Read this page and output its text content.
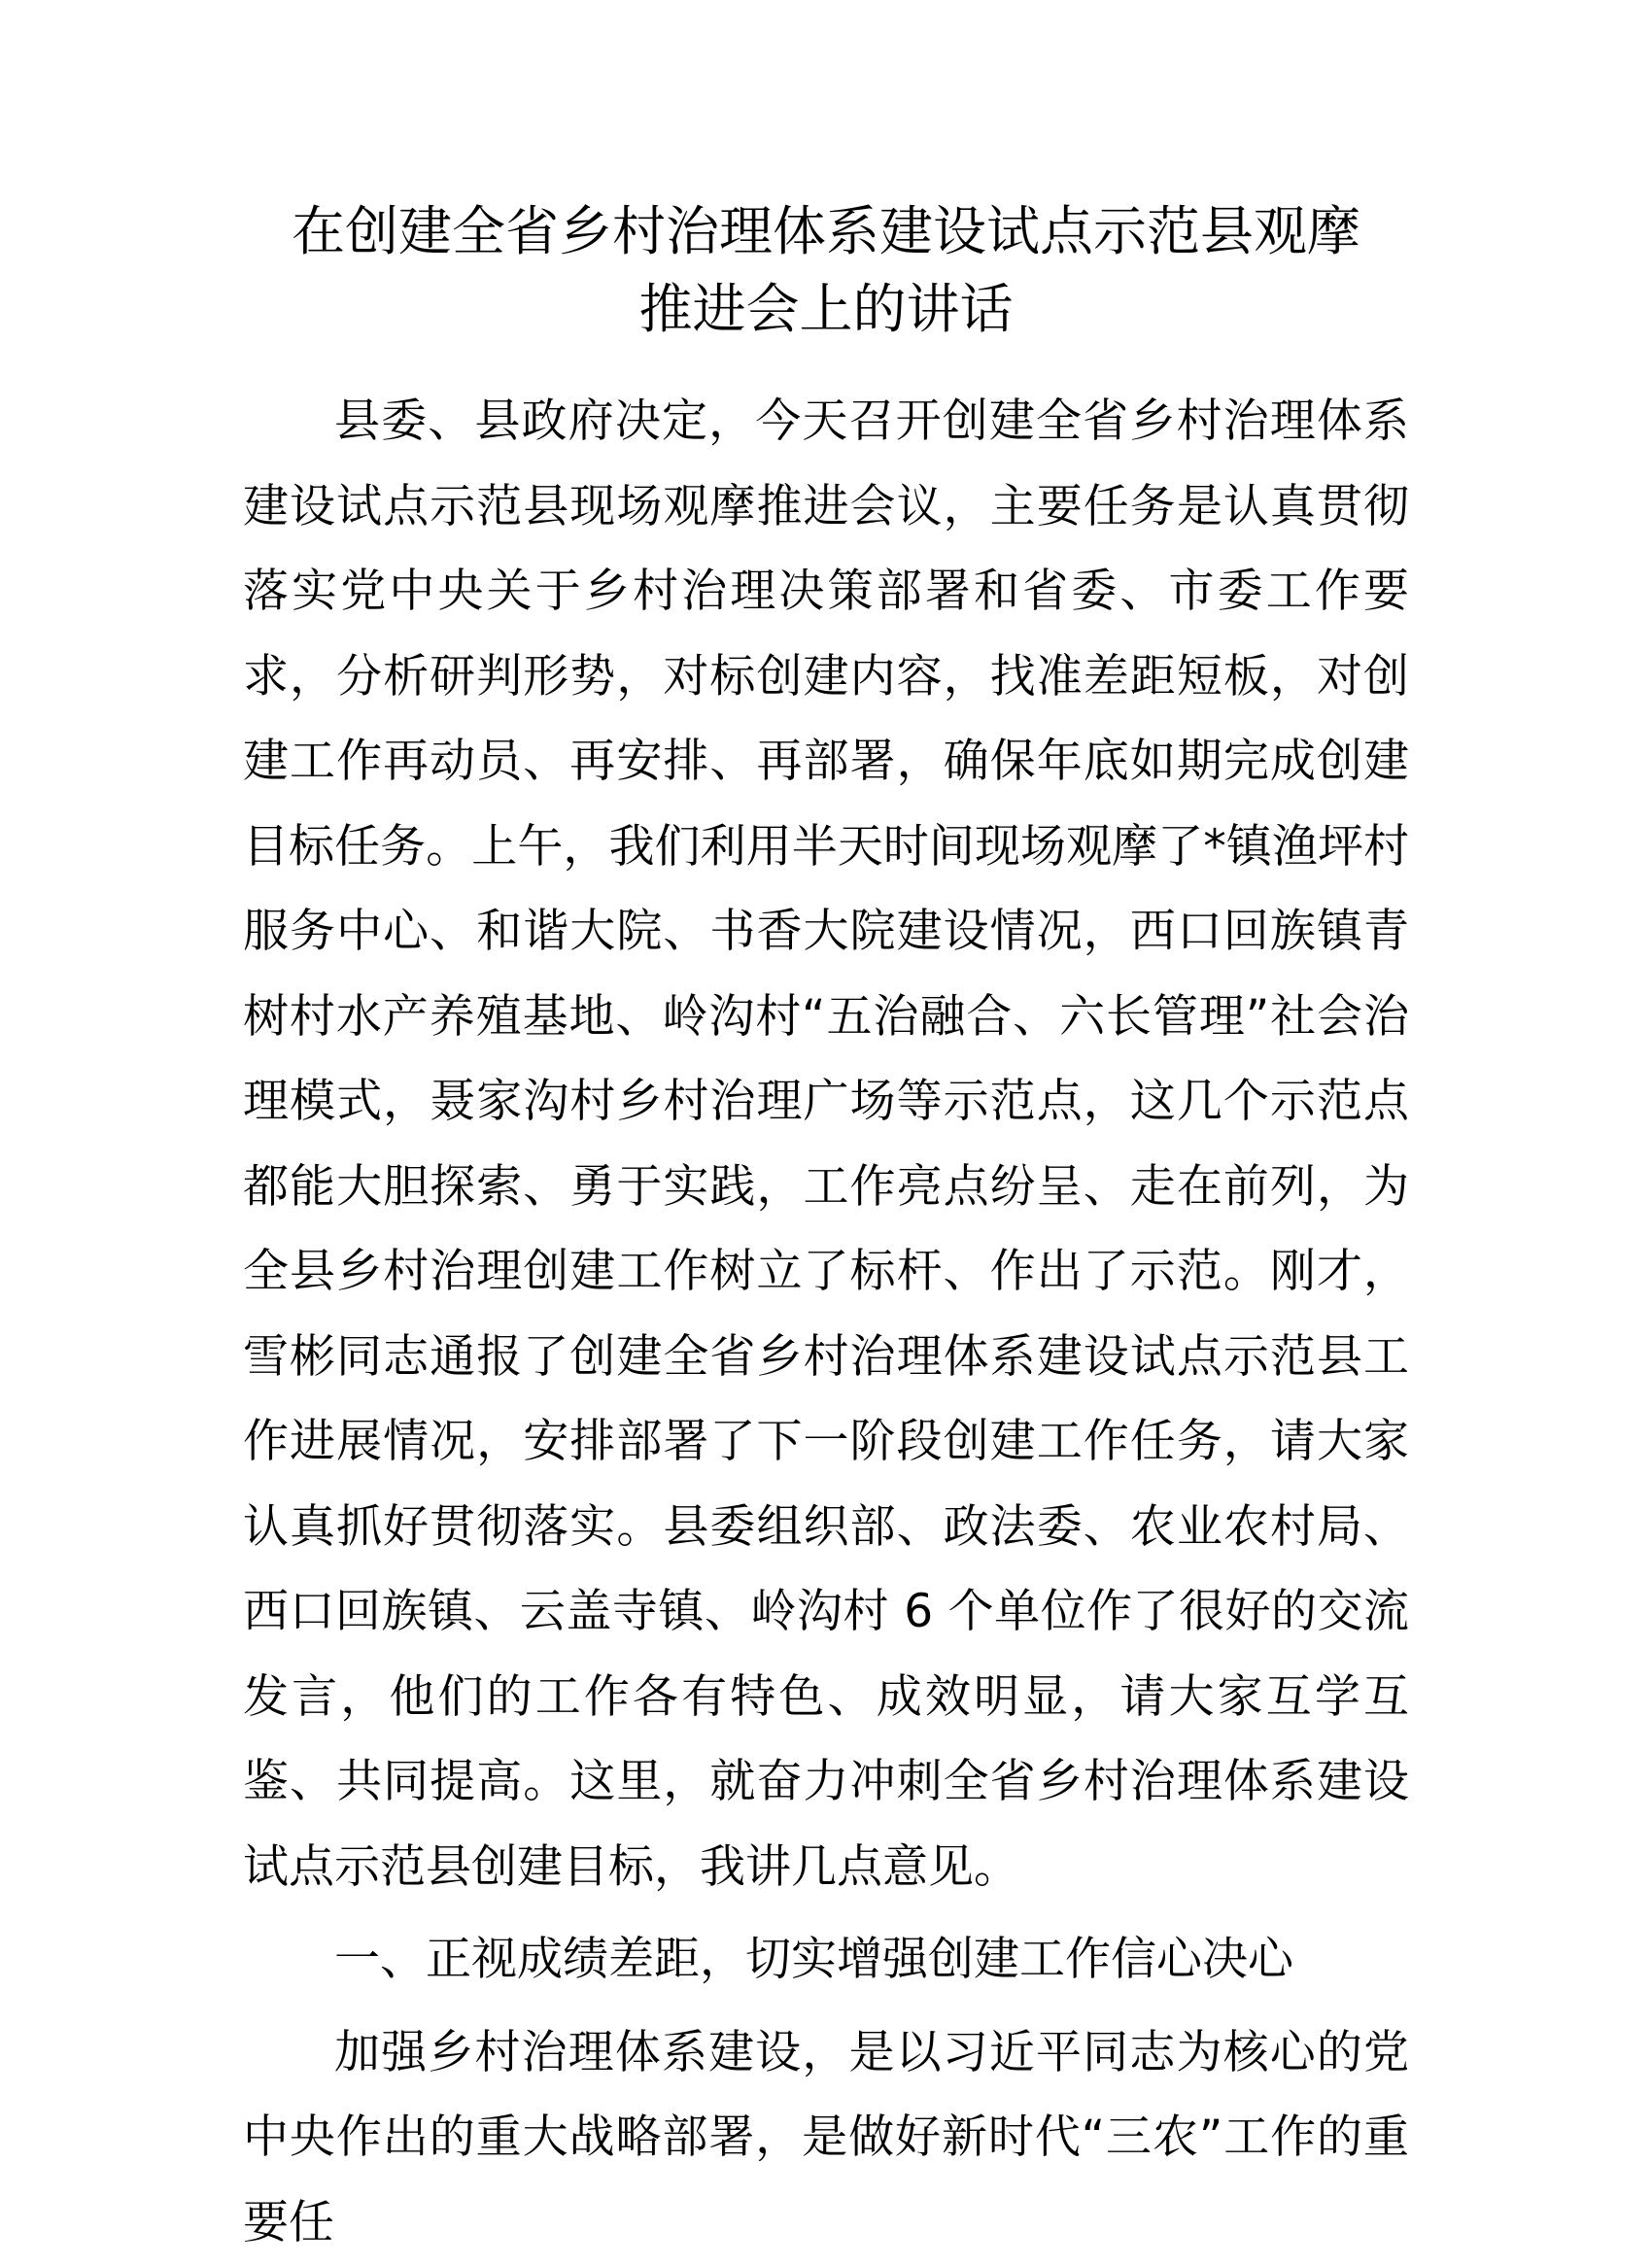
在创建全省乡村治理体系建设试点示范县观摩
推进会上的讲话

县委、县政府决定，今天召开创建全省乡村治理体系建设试点示范县现场观摩推进会议，主要任务是认真贯彻落实党中央关于乡村治理决策部署和省委、市委工作要求，分析研判形势，对标创建内容，找准差距短板，对创建工作再动员、再安排、再部署，确保年底如期完成创建目标任务。上午，我们利用半天时间现场观摩了*镇渔坪村服务中心、和谐大院、书香大院建设情况，西口回族镇青树村水产养殖基地、岭沟村“五治融合、六长管理”社会治理模式，聂家沟村乡村治理广场等示范点，这几个示范点都能大胆探索、勇于实践，工作亮点纷呈、走在前列，为全县乡村治理创建工作树立了标杆、作出了示范。刚才，雪彬同志通报了创建全省乡村治理体系建设试点示范县工作进展情况，安排部署了下一阶段创建工作任务，请大家认真抓好贯彻落实。县委组织部、政法委、农业农村局、西口回族镇、云盖寺镇、岭沟村 6 个单位作了很好的交流发言，他们的工作各有特色、成效明显，请大家互学互鉴、共同提高。这里，就奋力冲刺全省乡村治理体系建设试点示范县创建目标，我讲几点意见。

一、正视成绩差距，切实增强创建工作信心决心

加强乡村治理体系建设，是以习近平同志为核心的党中央作出的重大战略部署，是做好新时代“三农”工作的重要任
